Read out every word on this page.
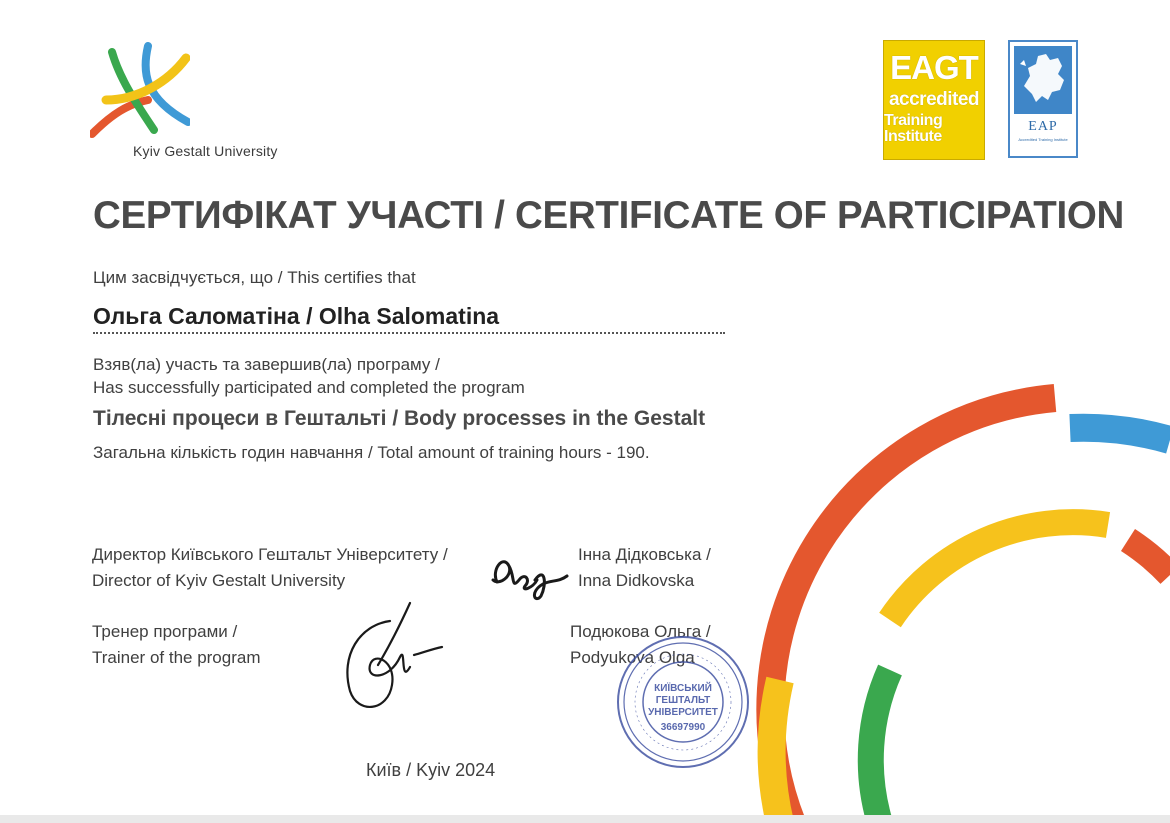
Kyiv Gestalt University
EAGT
accredited
Training Institute
EAP
Accredited Training Institute
СЕРТИФІКАТ УЧАСТІ / CERTIFICATE OF PARTICIPATION
Цим засвідчується, що / This certifies that
Ольга Саломатіна / Olha Salomatina
Взяв(ла) участь та завершив(ла) програму /
Has successfully participated and completed the program
Тілесні процеси в Гештальті / Body processes in the Gestalt
Загальна кількість годин навчання / Total amount of training hours - 190.
Директор Київського Гештальт Університету /
Director of Kyiv Gestalt University
Інна Дідковська /
Inna Didkovska
Тренер програми /
Trainer of the program
Подюкова Ольга /
Podyukova Olga
КИЇВСЬКИЙ
ГЕШТАЛЬТ
УНІВЕРСИТЕТ
36697990
Київ / Kyiv 2024
